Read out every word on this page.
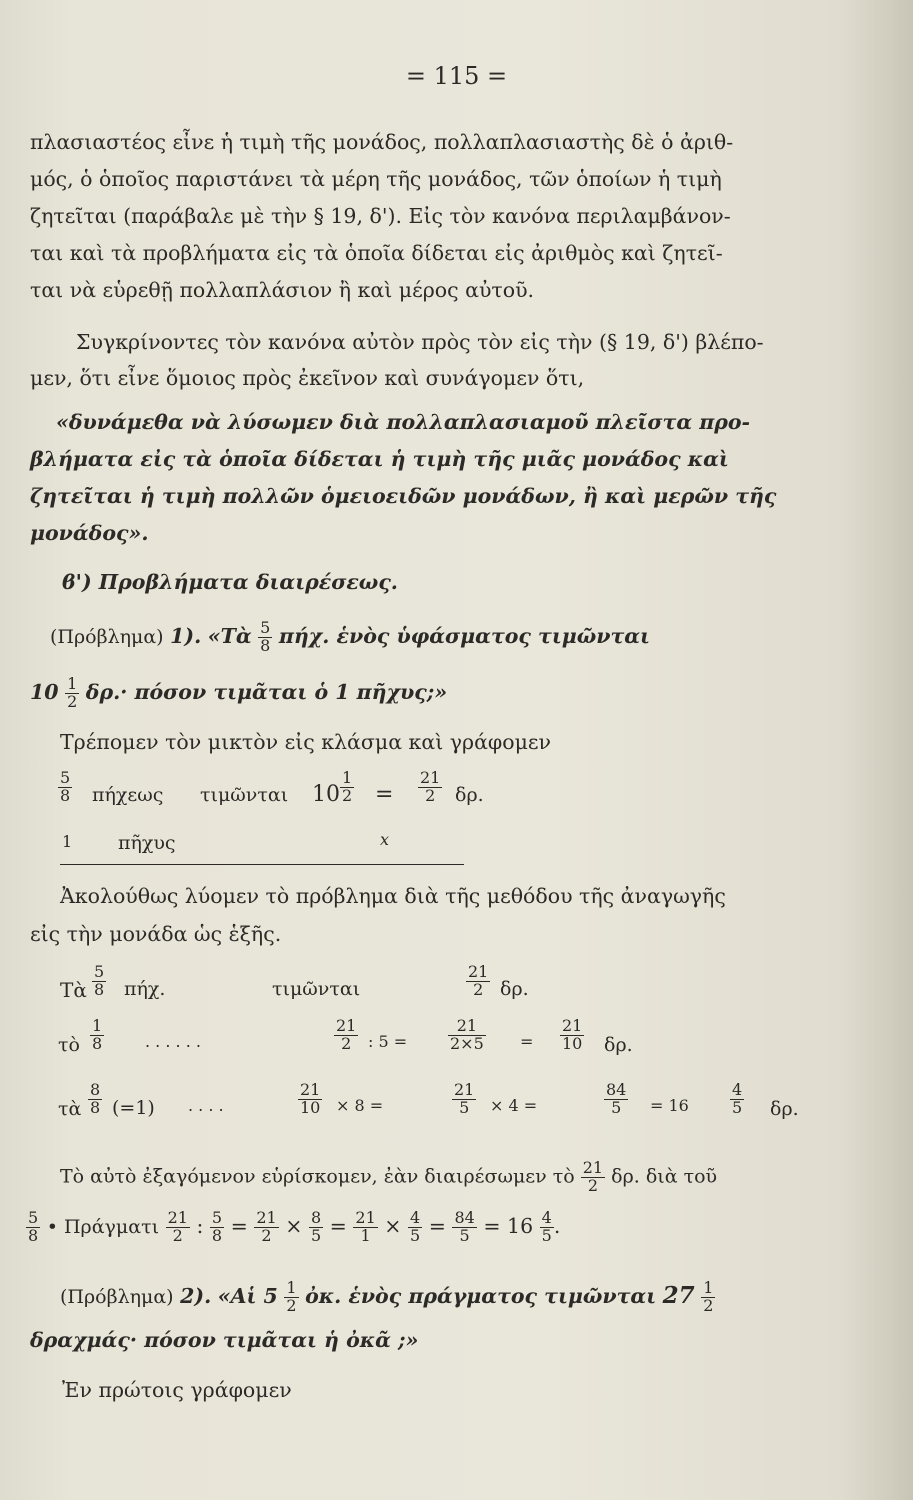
= 115 =
πλασιαστέος εἶνε ἡ τιμὴ τῆς μονάδος, πολλαπλασιαστὴς δὲ ὁ ἀριθ-
μός, ὁ ὁποῖος παριστάνει τὰ μέρη τῆς μονάδος, τῶν ὁποίων ἡ τιμὴ
ζητεῖται (παράβαλε μὲ τὴν § 19, δ'). Εἰς τὸν κανόνα περιλαμβάνον-
ται καὶ τὰ προβλήματα εἰς τὰ ὁποῖα δίδεται εἰς ἀριθμὸς καὶ ζητεῖ-
ται νὰ εὑρεθῇ πολλαπλάσιον ἢ καὶ μέρος αὐτοῦ.
Συγκρίνοντες τὸν κανόνα αὐτὸν πρὸς τὸν εἰς τὴν (§ 19, δ') βλέπο-
μεν, ὅτι εἶνε ὅμοιος πρὸς ἐκεῖνον καὶ συνάγομεν ὅτι,
«δυνάμεθα νὰ λύσωμεν διὰ πολλαπλασιαμοῦ πλεῖστα προ-
βλήματα εἰς τὰ ὁποῖα δίδεται ἡ τιμὴ τῆς μιᾶς μονάδος καὶ
ζητεῖται ἡ τιμὴ πολλῶν ὁμειοειδῶν μονάδων, ἢ καὶ μερῶν τῆς
μονάδος».
ϐ') Προβλήματα διαιρέσεως.
(Πρόβλημα) 1). «Τὰ $\frac{5}{8} \pi ή\chi$. ἑνὸς ὑφάσματος τιμῶνται
$10 \frac{1}{2} \delta\rho.\cdot \pi ό\sigma o\nu$ τιμᾶται ὁ 1 πῆχυς;»
Τρέπομεν τὸν μικτὸν εἰς κλάσμα καὶ γράφομεν
$\frac{5}{8}$ πήχεως τιμῶνται $10 \frac{1}{2} = \frac{21}{2} \delta\rho$.
1 πῆχυς	x
Ἀκολούθως λύομεν τὸ πρόβλημα διὰ τῆς μεθόδου τῆς ἀναγωγῆς
εἰς τὴν μονάδα ὡς ἑξῆς.
Τὰ $\frac{5}{8} \pi ή\chi$.	τιμῶνται	$\frac{21}{2} \delta\rho$.
τὸ $\frac{1}{8}$	. . . . . .	$\frac{21}{2}$ : 5 =	$\frac{21}{2\times 5} = \frac{21}{10} \delta\rho$.
τὰ $\frac{8}{8} (=1)$ . . . .	$\frac{21}{10} \times 8$ =	$\frac{21}{5} \times 4$ =	$\frac{84}{5} = 16$	$\frac{4}{5} \delta\rho$.
Τὸ αὐτὸ ἐξαγόμενον εὑρίσκομεν, ἐὰν διαιρέσωμεν τὸ $\frac{21}{2} \delta\rho$. διὰ τοῦ
$\frac{5}{8}$ • Πράγματι $\frac{21}{2}$ : $\frac{5}{8} = \frac{21}{2} \times \frac{8}{5} = \frac{21}{1} \times \frac{4}{5} = \frac{84}{5} = 16 \frac{4}{5}$ .
(Πρόβλημα) 2). «Αἱ $5 \frac{1}{2}$ ὀκ. ἑνὸς πράγματος τιμῶνται $27 \frac{1}{2}$
δραχμάς· πόσον τιμᾶται ἡ ὀκᾶ ;»
Ἐν πρώτοις γράφομεν
